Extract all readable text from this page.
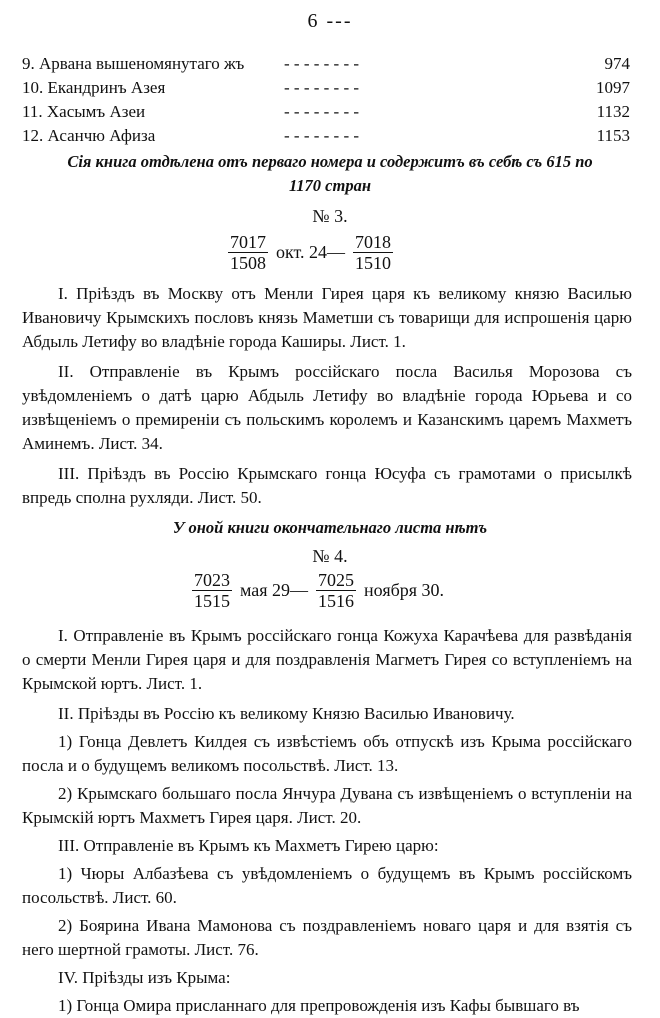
6 ---
9. Арвана вышеномянутаго жъ - - - - - - - -	974
10. Екандринъ Азея	- - - - - - - -	1097
11. Хасымъ Азеи	- - - - - - - -	1132
12. Асанчю Афиза	- - - - - - - -	1153
Сія книга отдѣлена отъ перваго номера и содержитъ въ себѣ съ 615 по 1170 стран
№ 3.
$\frac{7017}{1508}$ окт. 24— $\frac{7018}{1510}$

I. Пріѣздъ въ Москву отъ Менли Гирея царя къ великому князю Василью Ивановичу Крымскихъ пословъ князь Маметши съ товарищи для испрошенія царю Абдыль Летифу во владѣніе города Каширы. Лист. 1.

II. Отправленіе въ Крымъ россійскаго посла Василья Морозова съ увѣдомленіемъ о датѣ царю Абдыль Летифу во владѣніе города Юрьева и со извѣщеніемъ о премиреніи съ польскимъ королемъ и Казанскимъ царемъ Махметъ Аминемъ. Лист. 34.

III. Пріѣздъ въ Россію Крымскаго гонца Юсуфа съ грамотами о присылкѣ впредь сполна рухляди. Лист. 50.

У оной книги окончательнаго листа нѣтъ
№ 4.
$\frac{7023}{1515}$ мая 29— $\frac{7025}{1516}$ ноября 30.

I. Отправленіе въ Крымъ россійскаго гонца Кожуха Карачѣева для развѣданія о смерти Менли Гирея царя и для поздравленія Магметъ Гирея со вступленіемъ на Крымской юртъ. Лист. 1.

II. Пріѣзды въ Россію къ великому Князю Василью Ивановичу.

1) Гонца Девлетъ Килдея съ извѣстіемъ объ отпускѣ изъ Крыма россійскаго посла и о будущемъ великомъ посольствѣ. Лист. 13.

2) Крымскаго большаго посла Янчура Дувана съ извѣщеніемъ о вступленіи на Крымскій юртъ Махметъ Гирея царя. Лист. 20.

III. Отправленіе въ Крымъ къ Махметъ Гирею царю:

1) Чюры Албазѣева съ увѣдомленіемъ о будущемъ въ Крымъ россійскомъ посольствѣ. Лист. 60.

2) Боярина Ивана Мамонова съ поздравленіемъ новаго царя и для взятія съ него шертной грамоты. Лист. 76.

IV. Пріѣзды изъ Крыма:

1) Гонца Омира присланнаго для препровожденія изъ Кафы бывшаго въ
